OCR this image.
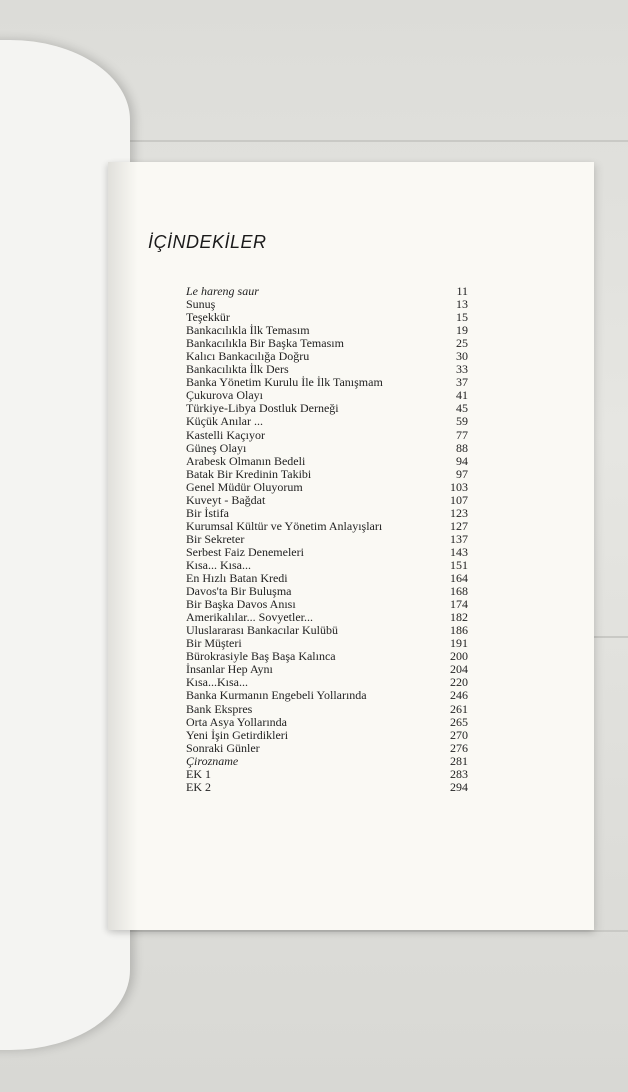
İÇİNDEKİLER
Le hareng saur	11
Sunuş	13
Teşekkür	15
Bankacılıkla İlk Temasım	19
Bankacılıkla Bir Başka Temasım	25
Kalıcı Bankacılığa Doğru	30
Bankacılıkta İlk Ders	33
Banka Yönetim Kurulu İle İlk Tanışmam	37
Çukurova Olayı	41
Türkiye-Libya Dostluk Derneği	45
Küçük Anılar ...	59
Kastelli Kaçıyor	77
Güneş Olayı	88
Arabesk Olmanın Bedeli	94
Batak Bir Kredinin Takibi	97
Genel Müdür Oluyorum	103
Kuveyt - Bağdat	107
Bir İstifa	123
Kurumsal Kültür ve Yönetim Anlayışları	127
Bir Sekreter	137
Serbest Faiz Denemeleri	143
Kısa... Kısa...	151
En Hızlı Batan Kredi	164
Davos'ta Bir Buluşma	168
Bir Başka Davos Anısı	174
Amerikalılar... Sovyetler...	182
Uluslararası Bankacılar Kulübü	186
Bir Müşteri	191
Bürokrasiyle Baş Başa Kalınca	200
İnsanlar Hep Aynı	204
Kısa...Kısa...	220
Banka Kurmanın Engebeli Yollarında	246
Bank Ekspres	261
Orta Asya Yollarında	265
Yeni İşin Getirdikleri	270
Sonraki Günler	276
Çirozname	281
EK 1	283
EK 2	294
